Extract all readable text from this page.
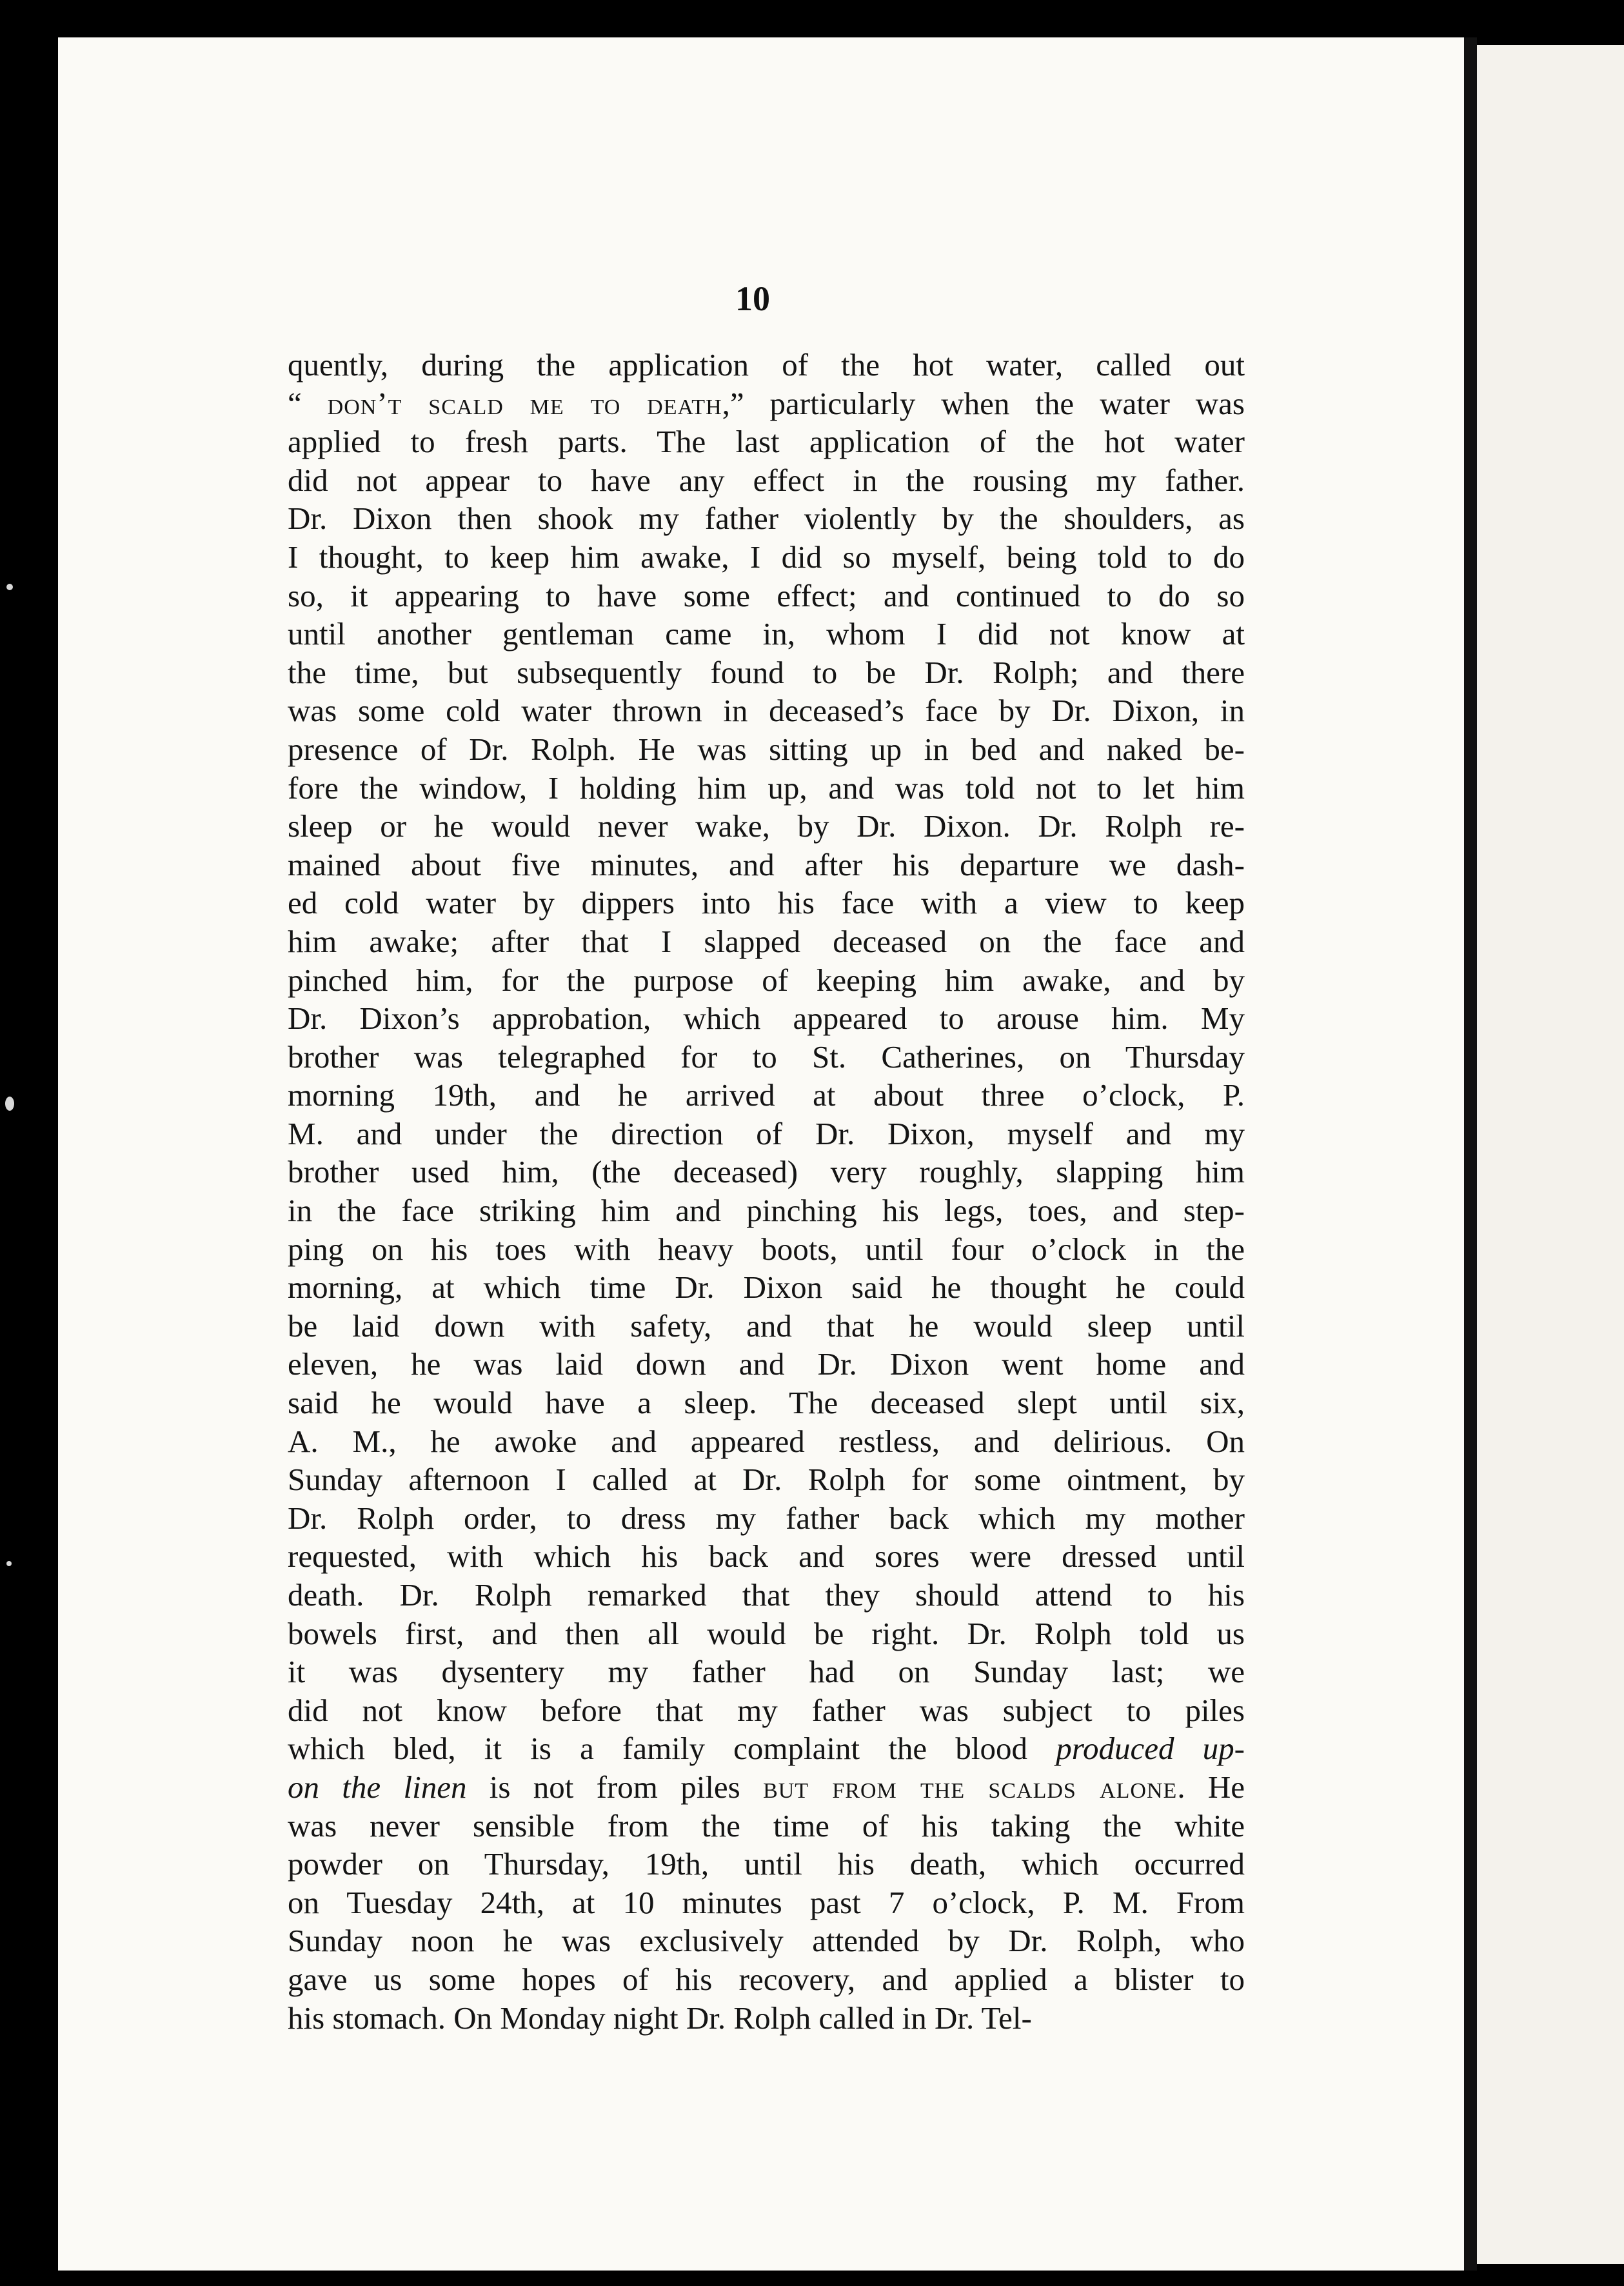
10
quently, during the application of the hot water, called out
“ don’t scald me to death,” particularly when the water was
applied to fresh parts. The last application of the hot water
did not appear to have any effect in the rousing my father.
Dr. Dixon then shook my father violently by the shoulders, as
I thought, to keep him awake, I did so myself, being told to do
so, it appearing to have some effect; and continued to do so
until another gentleman came in, whom I did not know at
the time, but subsequently found to be Dr. Rolph; and there
was some cold water thrown in deceased’s face by Dr. Dixon, in
presence of Dr. Rolph. He was sitting up in bed and naked be-
fore the window, I holding him up, and was told not to let him
sleep or he would never wake, by Dr. Dixon. Dr. Rolph re-
mained about five minutes, and after his departure we dash-
ed cold water by dippers into his face with a view to keep
him awake; after that I slapped deceased on the face and
pinched him, for the purpose of keeping him awake, and by
Dr. Dixon’s approbation, which appeared to arouse him. My
brother was telegraphed for to St. Catherines, on Thursday
morning 19th, and he arrived at about three o’clock, P.
M. and under the direction of Dr. Dixon, myself and my
brother used him, (the deceased) very roughly, slapping him
in the face striking him and pinching his legs, toes, and step-
ping on his toes with heavy boots, until four o’clock in the
morning, at which time Dr. Dixon said he thought he could
be laid down with safety, and that he would sleep until
eleven, he was laid down and Dr. Dixon went home and
said he would have a sleep. The deceased slept until six,
A. M., he awoke and appeared restless, and delirious. On
Sunday afternoon I called at Dr. Rolph for some ointment, by
Dr. Rolph order, to dress my father back which my mother
requested, with which his back and sores were dressed until
death. Dr. Rolph remarked that they should attend to his
bowels first, and then all would be right. Dr. Rolph told us
it was dysentery my father had on Sunday last; we
did not know before that my father was subject to piles
which bled, it is a family complaint the blood produced up-
on the linen is not from piles but from the scalds alone. He
was never sensible from the time of his taking the white
powder on Thursday, 19th, until his death, which occurred
on Tuesday 24th, at 10 minutes past 7 o’clock, P. M. From
Sunday noon he was exclusively attended by Dr. Rolph, who
gave us some hopes of his recovery, and applied a blister to
his stomach. On Monday night Dr. Rolph called in Dr. Tel-
